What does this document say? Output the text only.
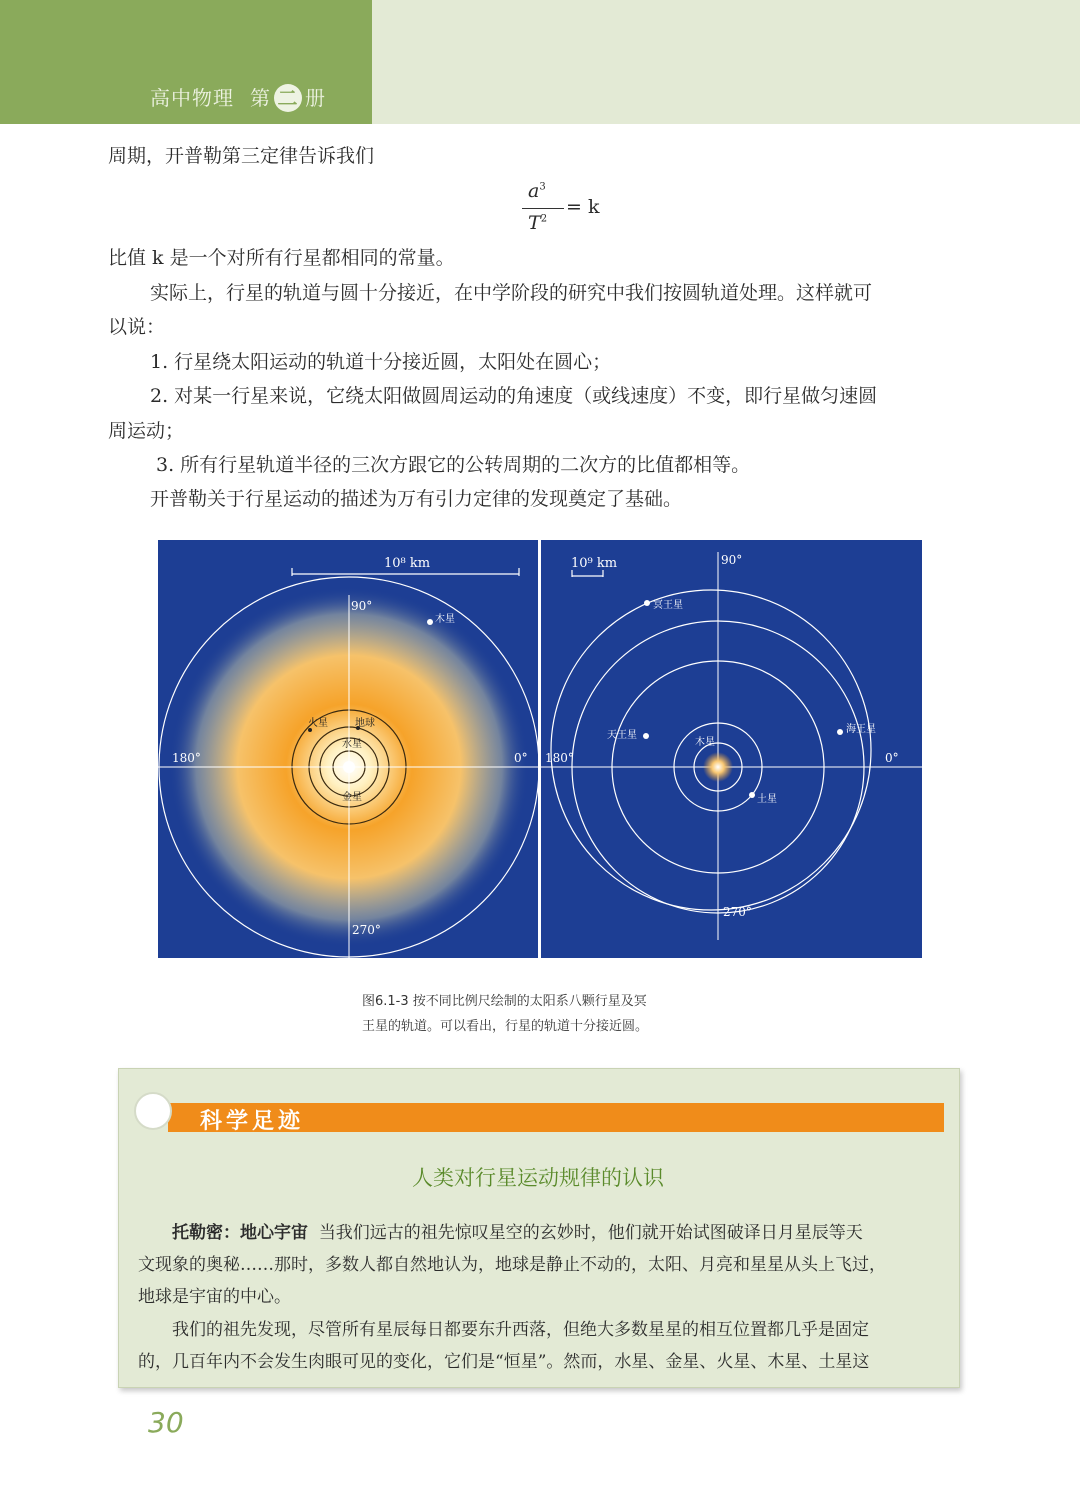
高中物理 第 二 册
周期，开普勒第三定律告诉我们
$a^3$
$T^2$
= k
比值 k 是一个对所有行星都相同的常量。
实际上，行星的轨道与圆十分接近，在中学阶段的研究中我们按圆轨道处理。这样就可
以说：
1. 行星绕太阳运动的轨道十分接近圆，太阳处在圆心；
2. 对某一行星来说，它绕太阳做圆周运动的角速度（或线速度）不变，即行星做匀速圆
周运动；
3. 所有行星轨道半径的三次方跟它的公转周期的二次方的比值都相等。
开普勒关于行星运动的描述为万有引力定律的发现奠定了基础。
10⁸ km
90°
0°
180°
270°
木星
火星	地球
水星
金星
10⁹ km	90°
0°
180°
270°
冥王星
天王星
海王星
木星
土星
图6.1-3 按不同比例尺绘制的太阳系八颗行星及冥
王星的轨道。可以看出，行星的轨道十分接近圆。
科学足迹
人类对行星运动规律的认识
托勒密：地心宇宙 当我们远古的祖先惊叹星空的玄妙时，他们就开始试图破译日月星辰等天
文现象的奥秘……那时，多数人都自然地认为，地球是静止不动的，太阳、月亮和星星从头上飞过，
地球是宇宙的中心。
我们的祖先发现，尽管所有星辰每日都要东升西落，但绝大多数星星的相互位置都几乎是固定
的，几百年内不会发生肉眼可见的变化，它们是“恒星”。然而，水星、金星、火星、木星、土星这
30
